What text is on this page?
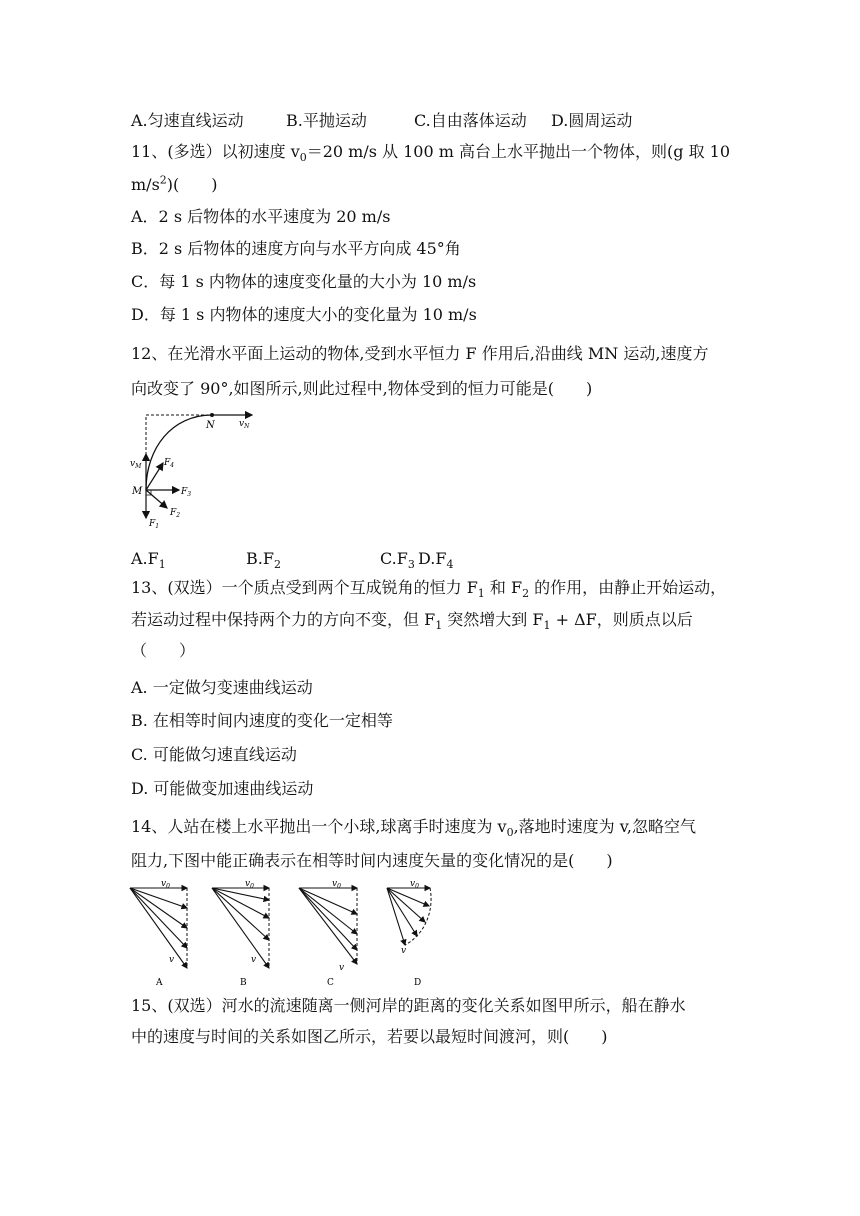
A.匀速直线运动	B.平抛运动	C.自由落体运动 D.圆周运动
11、(多选）以初速度 $v_0=20$ m/s 从 100 m 高台上水平抛出一个物体，则(g 取 10
$m/s^2$)(　　)
A．2 s 后物体的水平速度为 20 m/s
B．2 s 后物体的速度方向与水平方向成 45°角
C．每 1 s 内物体的速度变化量的大小为 10 m/s
D．每 1 s 内物体的速度大小的变化量为 10 m/s
12、在光滑水平面上运动的物体,受到水平恒力 F 作用后,沿曲线 MN 运动,速度方
向改变了 90°,如图所示,则此过程中,物体受到的恒力可能是(　　)
N	$v_N$
$v_M$
M
$F_1$
$F_2$
$F_3$
$F_4$
$A.F_1$	$B.F_2$	$C.F_3$ $D.F_4$
13、(双选）一个质点受到两个互成锐角的恒力 $F_1$ 和 $F_2$ 的作用，由静止开始运动，
若运动过程中保持两个力的方向不变，但 $F_1$ 突然增大到 $F_1 + \Delta F$，则质点以后
（　　）
A. 一定做匀变速曲线运动
B. 在相等时间内速度的变化一定相等
C. 可能做匀速直线运动
D. 可能做变加速曲线运动
14、人站在楼上水平抛出一个小球,球离手时速度为 $v_0$,落地时速度为 v,忽略空气
阻力,下图中能正确表示在相等时间内速度矢量的变化情况的是(　　)
$v_0$
v
A
$v_0$
v
B
$v_0$
v
C
$v_0$
v
D
15、(双选）河水的流速随离一侧河岸的距离的变化关系如图甲所示，船在静水
中的速度与时间的关系如图乙所示，若要以最短时间渡河，则(　　)
